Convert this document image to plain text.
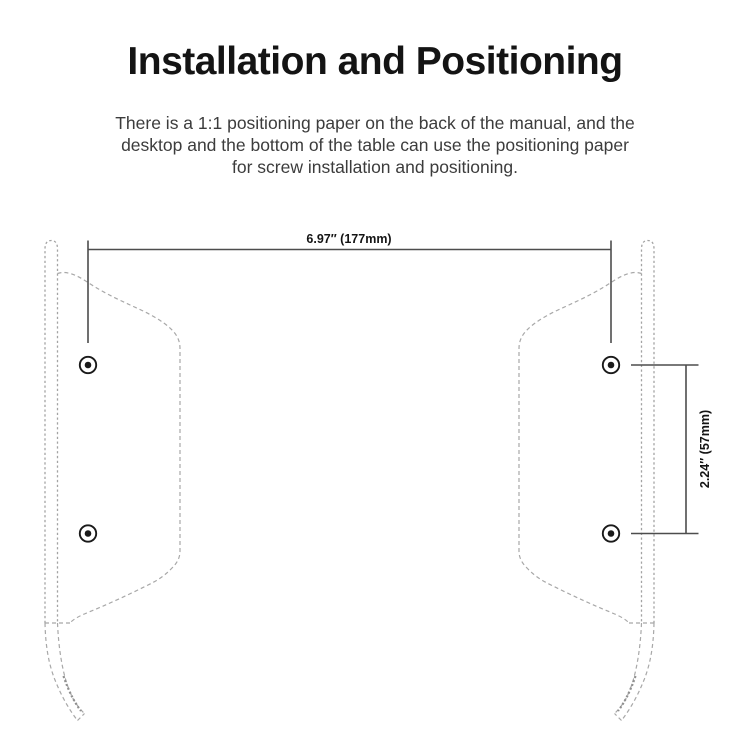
Installation and Positioning

There is a 1:1 positioning paper on the back of the manual, and the
desktop and the bottom of the table can use the positioning paper
for screw installation and positioning.

6.97″ (177mm)
2.24″ (57mm)
